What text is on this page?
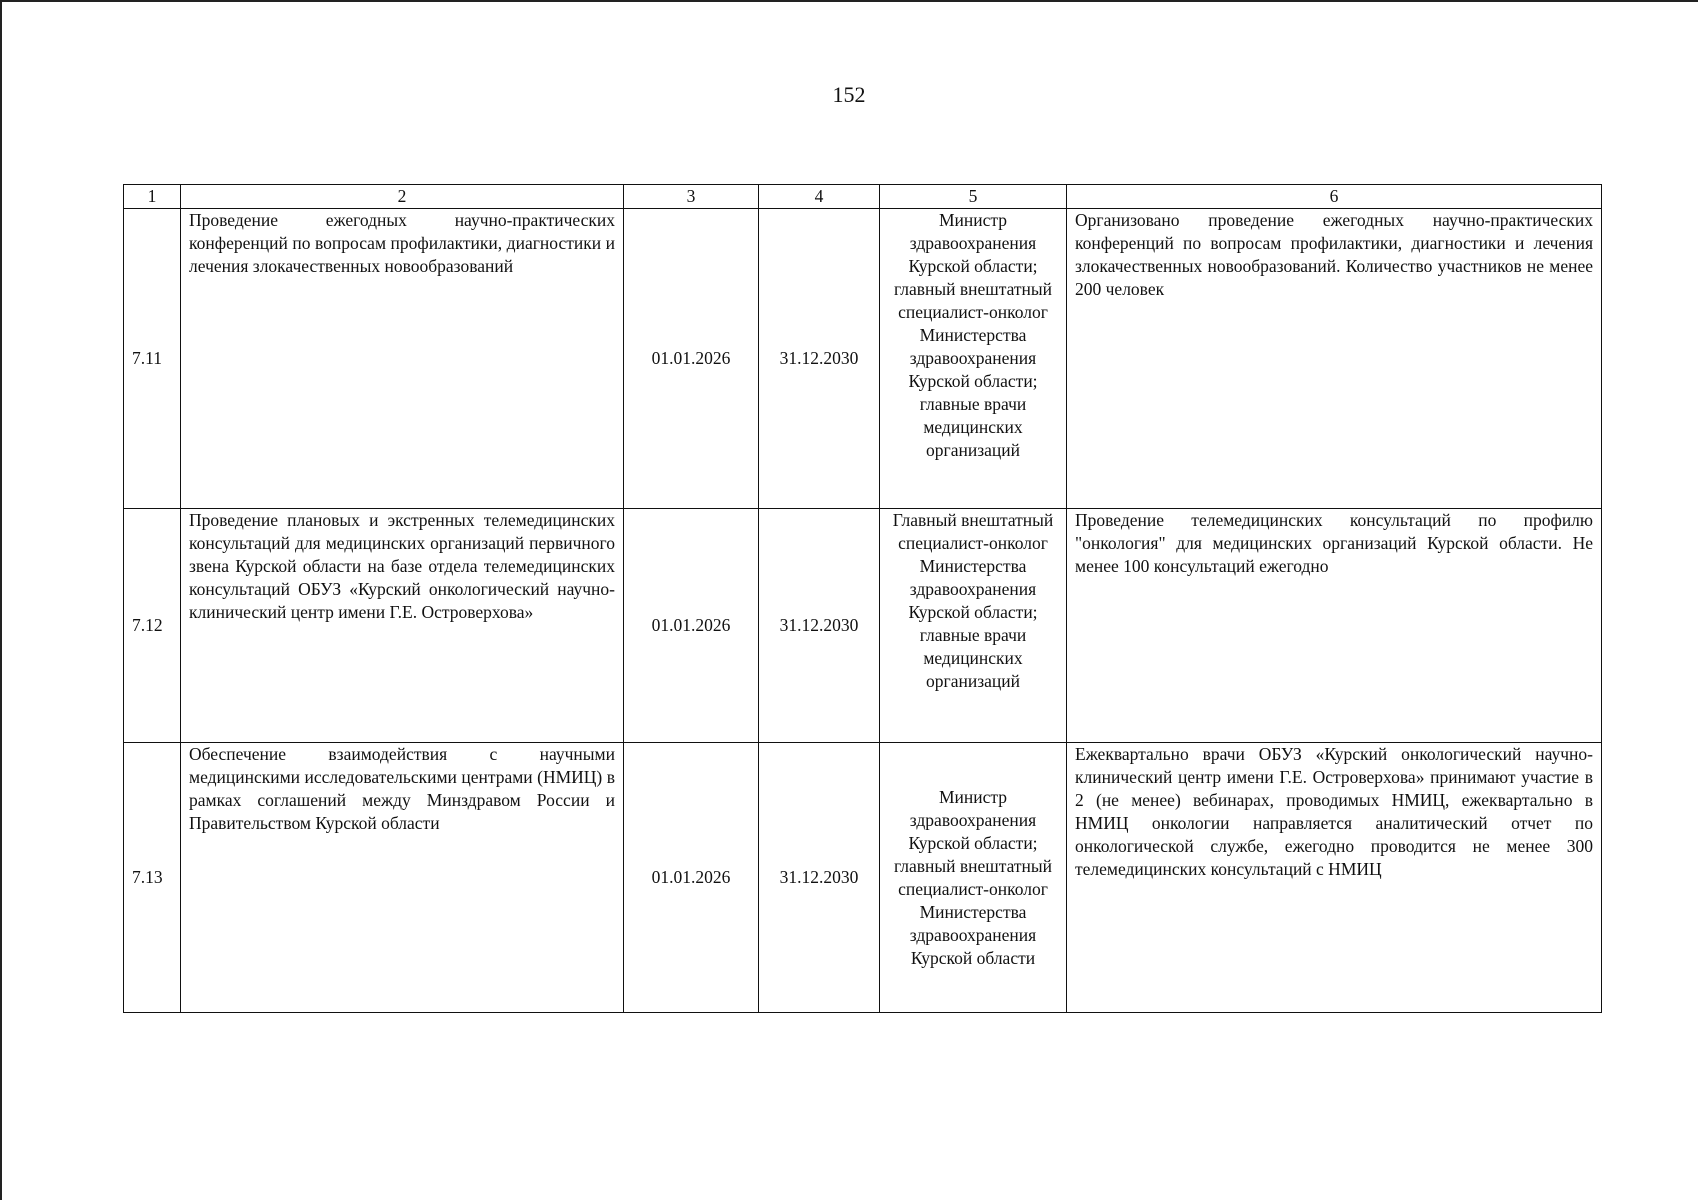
152
1	2	3	4	5	6
7.11	Проведение ежегодных научно-практических конференций по вопросам профилактики, диагностики и лечения злокачественных новообразований	01.01.2026	31.12.2030	Министр здравоохранения Курской области; главный внештатный специалист-онколог Министерства здравоохранения Курской области; главные врачи медицинских организаций	Организовано проведение ежегодных научно-практических конференций по вопросам профилактики, диагностики и лечения злокачественных новообразований. Количество участников не менее 200 человек
7.12	Проведение плановых и экстренных телемедицинских консультаций для медицинских организаций первичного звена Курской области на базе отдела телемедицинских консультаций ОБУЗ «Курский онкологический научно-клинический центр имени Г.Е. Островерхова»	01.01.2026	31.12.2030	Главный внештатный специалист-онколог Министерства здравоохранения Курской области; главные врачи медицинских организаций	Проведение телемедицинских консультаций по профилю "онкология" для медицинских организаций Курской области. Не менее 100 консультаций ежегодно
7.13	Обеспечение взаимодействия с научными медицинскими исследовательскими центрами (НМИЦ) в рамках соглашений между Минздравом России и Правительством Курской области	01.01.2026	31.12.2030	Министр здравоохранения Курской области; главный внештатный специалист-онколог Министерства здравоохранения Курской области	Ежеквартально врачи ОБУЗ «Курский онкологический научно-клинический центр имени Г.Е. Островерхова» принимают участие в 2 (не менее) вебинарах, проводимых НМИЦ, ежеквартально в НМИЦ онкологии направляется аналитический отчет по онкологической службе, ежегодно проводится не менее 300 телемедицинских консультаций с НМИЦ
